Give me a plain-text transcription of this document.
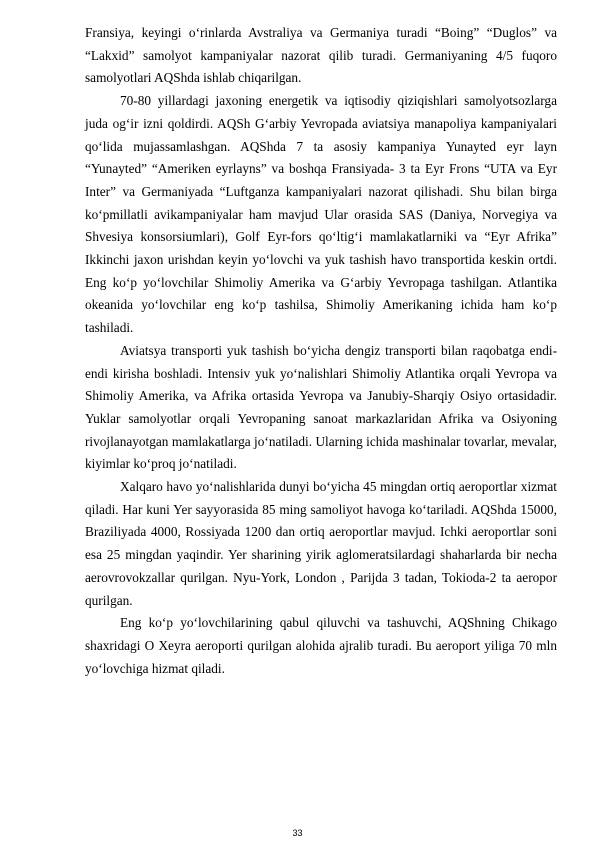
Fransiya, keyingi o‘rinlarda Avstraliya va Germaniya turadi “Boing” “Duglos” va “Lakxid” samolyot kampaniyalar nazorat qilib turadi. Germaniyaning 4/5 fuqoro samolyotlari AQShda ishlab chiqarilgan.

70-80 yillardagi jaxoning energetik va iqtisodiy qiziqishlari samolyotsozlarga juda og‘ir izni qoldirdi. AQSh G‘arbiy Yevropada aviatsiya manapoliya kampaniyalari qo‘lida mujassamlashgan. AQShda 7 ta asosiy kampaniya Yunayted eyr layn “Yunayted” “Ameriken eyrlayns” va boshqa Fransiyada- 3 ta Eyr Frons “UTA va Eyr Inter” va Germaniyada “Luftganza kampaniyalari nazorat qilishadi. Shu bilan birga ko‘pmillatli avikampaniyalar ham mavjud Ular orasida SAS (Daniya, Norvegiya va Shvesiya konsorsiumlari), Golf Eyr-fors qo‘ltig‘i mamlakatlarniki va “Eyr Afrika” Ikkinchi jaxon urishdan keyin yo‘lovchi va yuk tashish havo transportida keskin ortdi. Eng ko‘p yo‘lovchilar Shimoliy Amerika va G‘arbiy Yevropaga tashilgan. Atlantika okeanida yo‘lovchilar eng ko‘p tashilsa, Shimoliy Amerikaning ichida ham ko‘p tashiladi.

Aviatsya transporti yuk tashish bo‘yicha dengiz transporti bilan raqobatga endi-endi kirisha boshladi. Intensiv yuk yo‘nalishlari Shimoliy Atlantika orqali Yevropa va Shimoliy Amerika, va Afrika ortasida Yevropa va Janubiy-Sharqiy Osiyo ortasidadir. Yuklar samolyotlar orqali Yevropaning sanoat markazlaridan Afrika va Osiyoning rivojlanayotgan mamlakatlarga jo‘natiladi. Ularning ichida mashinalar tovarlar, mevalar, kiyimlar ko‘proq jo‘natiladi.

Xalqaro havo yo‘nalishlarida dunyi bo‘yicha 45 mingdan ortiq aeroportlar xizmat qiladi. Har kuni Yer sayyorasida 85 ming samoliyot havoga ko‘tariladi. AQShda 15000, Braziliyada 4000, Rossiyada 1200 dan ortiq aeroportlar mavjud. Ichki aeroportlar soni esa 25 mingdan yaqindir. Yer sharining yirik aglomeratsilardagi shaharlarda bir necha aerovrovokzallar qurilgan. Nyu-York, London , Parijda 3 tadan, Tokioda-2 ta aeropor qurilgan.

Eng ko‘p yo‘lovchilarining qabul qiluvchi va tashuvchi, AQShning Chikago shaxridagi O Xeyra aeroporti qurilgan alohida ajralib turadi. Bu aeroport yiliga 70 mln yo‘lovchiga hizmat qiladi.

33
